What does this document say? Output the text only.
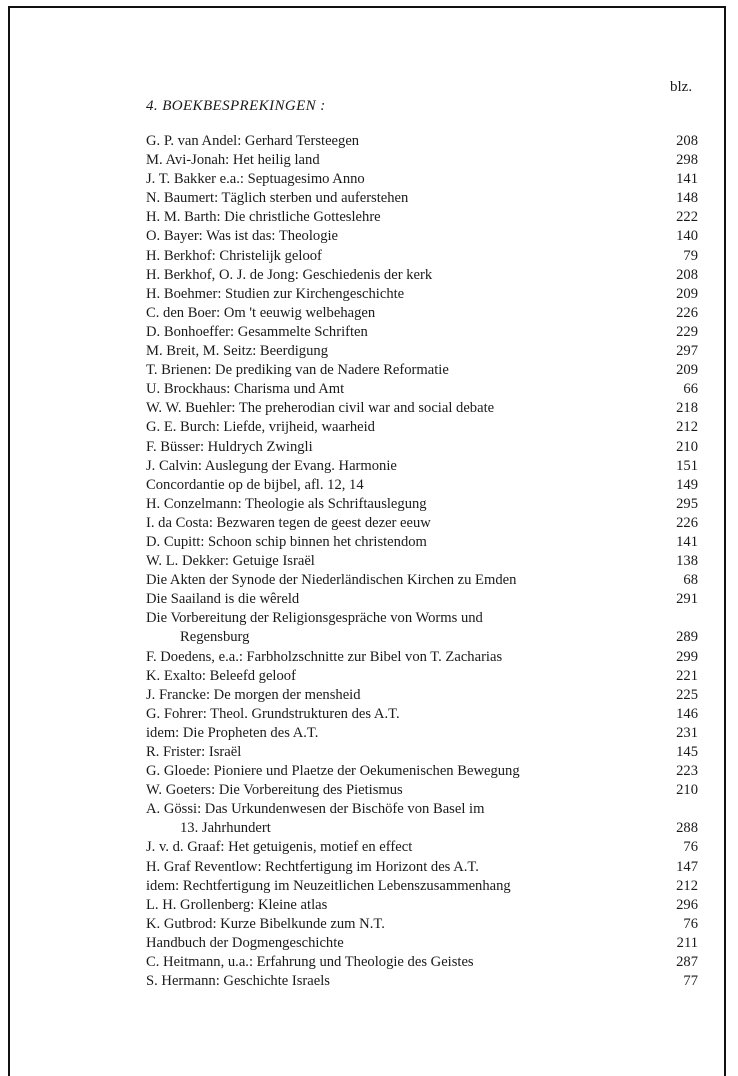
blz.
4. BOEKBESPREKINGEN :
G. P. van Andel: Gerhard Tersteegen	208
M. Avi-Jonah: Het heilig land	298
J. T. Bakker e.a.: Septuagesimo Anno	141
N. Baumert: Täglich sterben und auferstehen	148
H. M. Barth: Die christliche Gotteslehre	222
O. Bayer: Was ist das: Theologie	140
H. Berkhof: Christelijk geloof	79
H. Berkhof, O. J. de Jong: Geschiedenis der kerk	208
H. Boehmer: Studien zur Kirchengeschichte	209
C. den Boer: Om 't eeuwig welbehagen	226
D. Bonhoeffer: Gesammelte Schriften	229
M. Breit, M. Seitz: Beerdigung	297
T. Brienen: De prediking van de Nadere Reformatie	209
U. Brockhaus: Charisma und Amt	66
W. W. Buehler: The preherodian civil war and social debate	218
G. E. Burch: Liefde, vrijheid, waarheid	212
F. Büsser: Huldrych Zwingli	210
J. Calvin: Auslegung der Evang. Harmonie	151
Concordantie op de bijbel, afl. 12, 14	149
H. Conzelmann: Theologie als Schriftauslegung	295
I. da Costa: Bezwaren tegen de geest dezer eeuw	226
D. Cupitt: Schoon schip binnen het christendom	141
W. L. Dekker: Getuige Israël	138
Die Akten der Synode der Niederländischen Kirchen zu Emden	68
Die Saailand is die wêreld	291
Die Vorbereitung der Religionsgespräche von Worms und
Regensburg	289
F. Doedens, e.a.: Farbholzschnitte zur Bibel von T. Zacharias	299
K. Exalto: Beleefd geloof	221
J. Francke: De morgen der mensheid	225
G. Fohrer: Theol. Grundstrukturen des A.T.	146
idem: Die Propheten des A.T.	231
R. Frister: Israël	145
G. Gloede: Pioniere und Plaetze der Oekumenischen Bewegung	223
W. Goeters: Die Vorbereitung des Pietismus	210
A. Gössi: Das Urkundenwesen der Bischöfe von Basel im
13. Jahrhundert	288
J. v. d. Graaf: Het getuigenis, motief en effect	76
H. Graf Reventlow: Rechtfertigung im Horizont des A.T.	147
idem: Rechtfertigung im Neuzeitlichen Lebenszusammenhang	212
L. H. Grollenberg: Kleine atlas	296
K. Gutbrod: Kurze Bibelkunde zum N.T.	76
Handbuch der Dogmengeschichte	211
C. Heitmann, u.a.: Erfahrung und Theologie des Geistes	287
S. Hermann: Geschichte Israels	77
